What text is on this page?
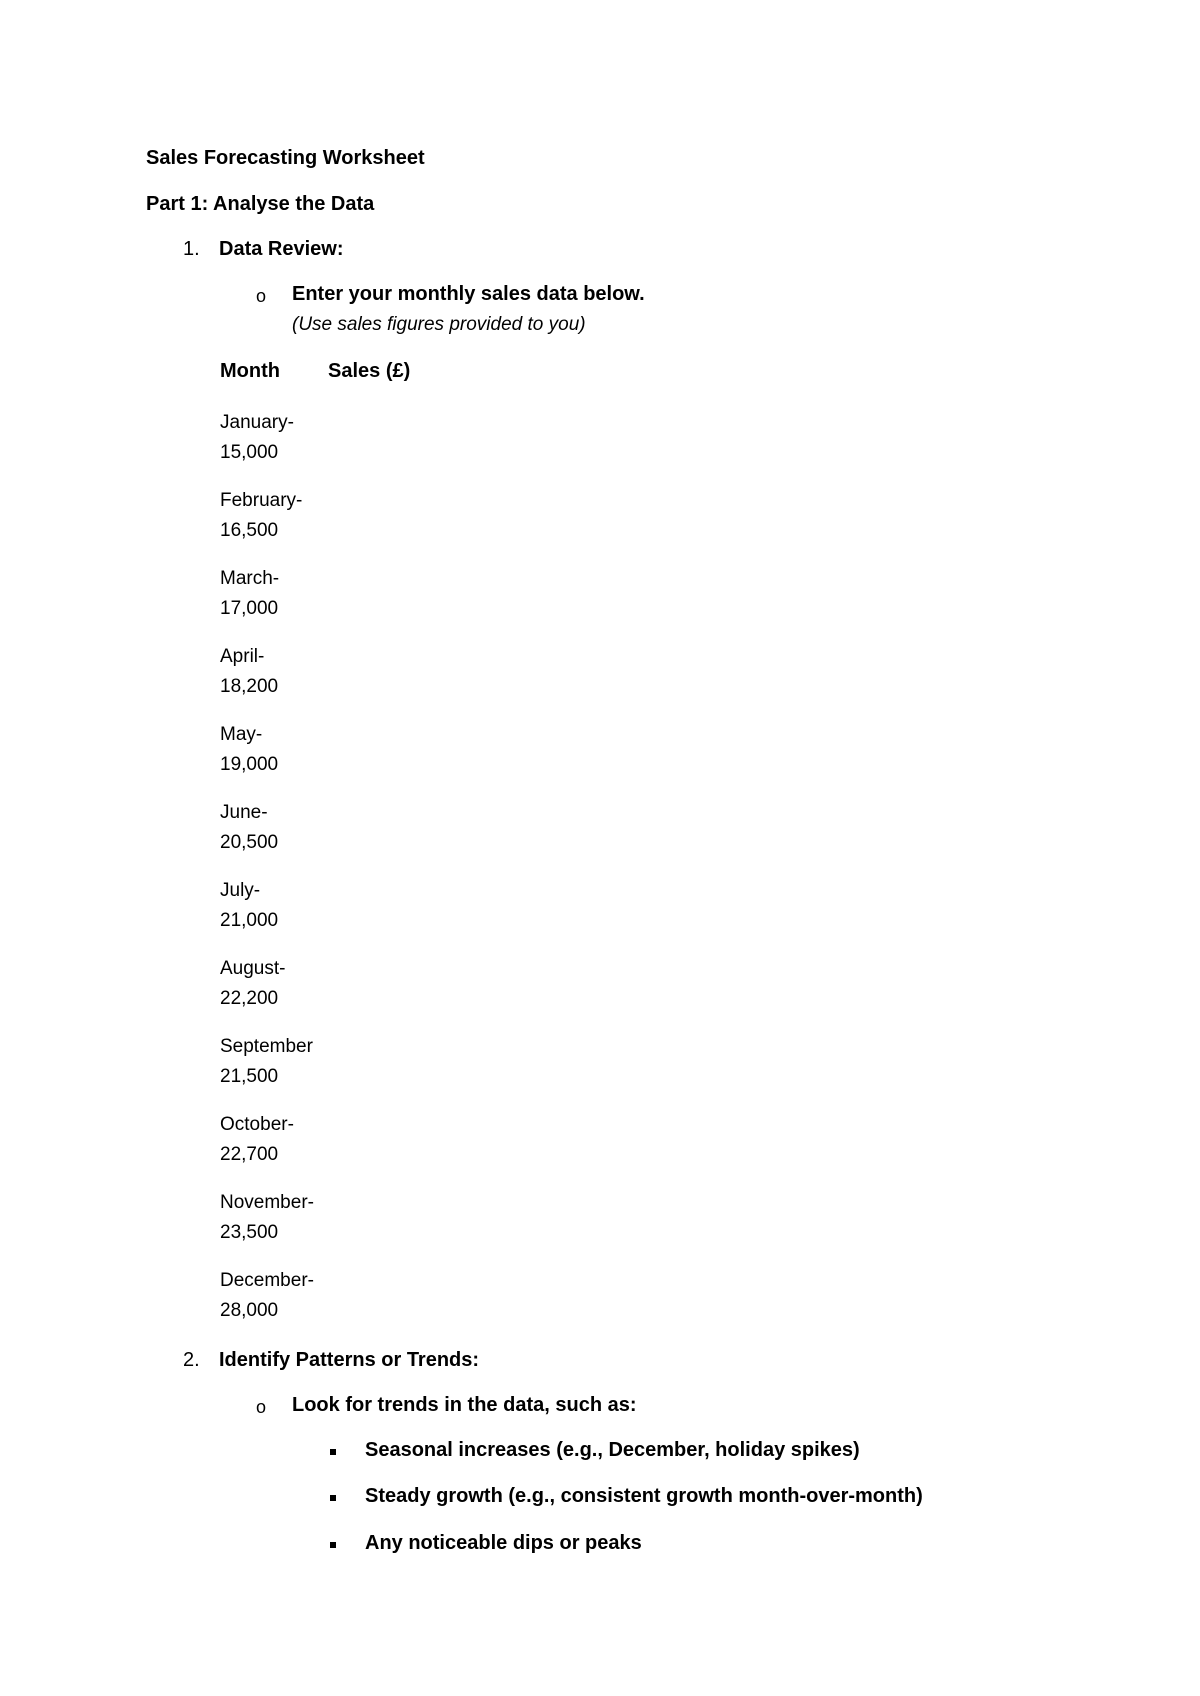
Sales Forecasting Worksheet
Part 1: Analyse the Data
1. Data Review:
o Enter your monthly sales data below.
(Use sales figures provided to you)
Month Sales (£)
January-
15,000
February-
16,500
March-
17,000
April-
18,200
May-
19,000
June-
20,500
July-
21,000
August-
22,200
September
21,500
October-
22,700
November-
23,500
December-
28,000
2. Identify Patterns or Trends:
o Look for trends in the data, such as:
Seasonal increases (e.g., December, holiday spikes)
Steady growth (e.g., consistent growth month-over-month)
Any noticeable dips or peaks
